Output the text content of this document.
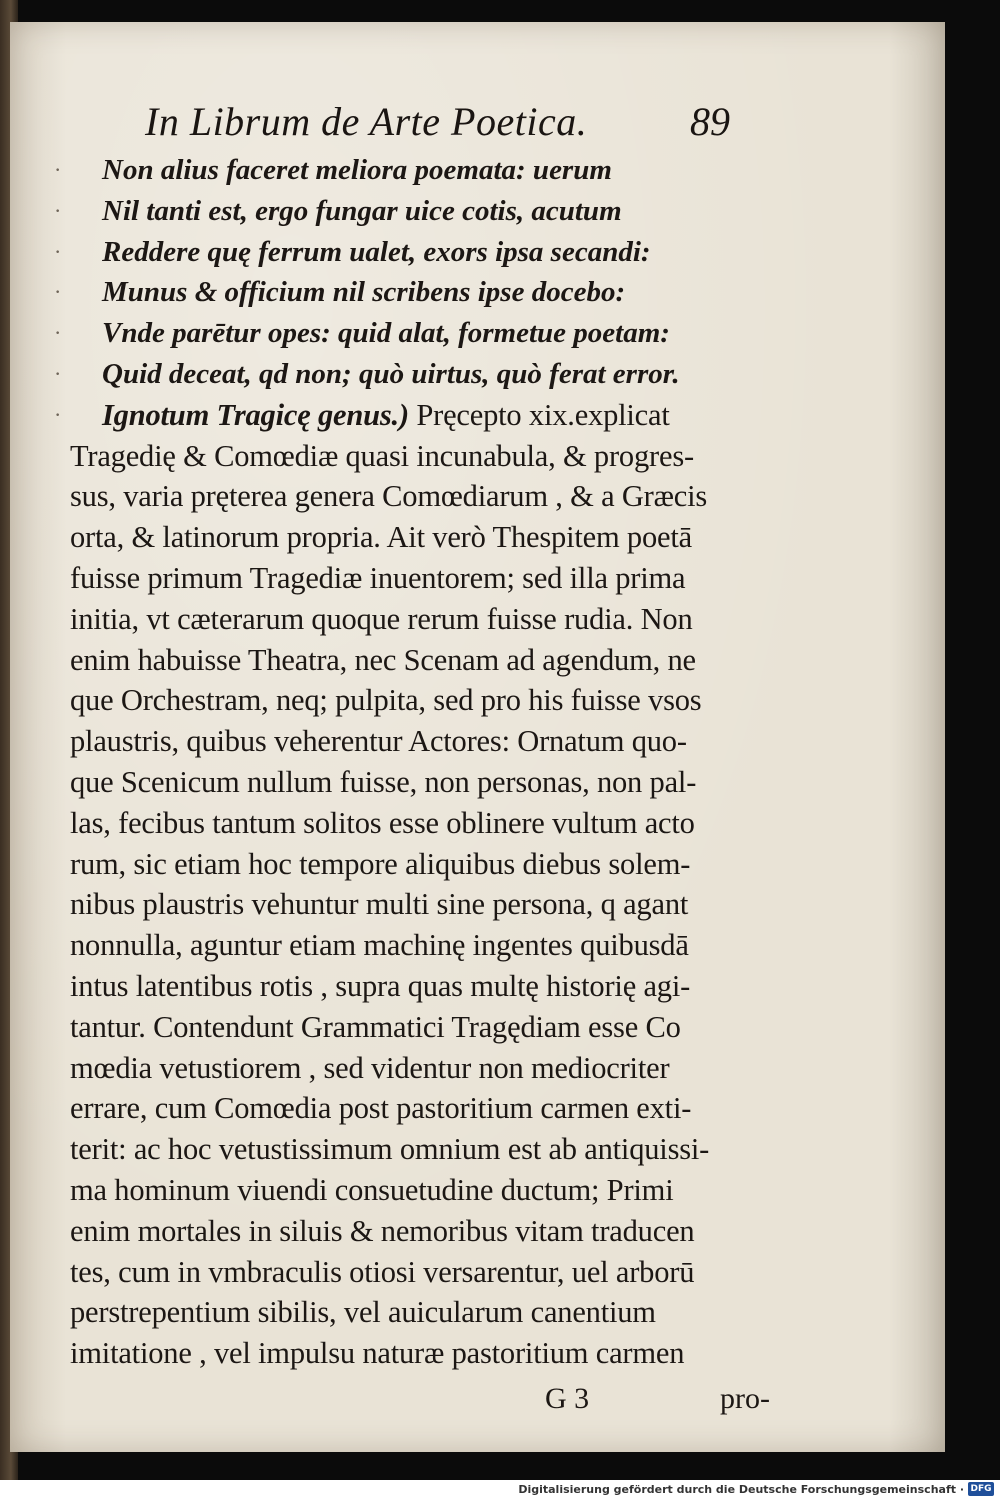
In Librum de Arte Poetica.	89
· Non alius faceret meliora poemata: uerum
· Nil tanti est, ergo fungar uice cotis, acutum
· Reddere quę ferrum ualet, exors ipsa secandi:
· Munus & officium nil scribens ipse docebo:
· Vnde parētur opes: quid alat, formetue poetam:
· Quid deceat, qd non; quò uirtus, quò ferat error.
· Ignotum Tragicę genus.) Pręcepto xix.explicat
Tragedię & Comœdiæ quasi incunabula, & progres-
sus, varia pręterea genera Comœdiarum , & a Græcis
orta, & latinorum propria. Ait verò Thespitem poetā
fuisse primum Tragediæ inuentorem; sed illa prima
initia, vt cæterarum quoque rerum fuisse rudia. Non
enim habuisse Theatra, nec Scenam ad agendum, ne
que Orchestram, neq; pulpita, sed pro his fuisse vsos
plaustris, quibus veherentur Actores: Ornatum quo-
que Scenicum nullum fuisse, non personas, non pal-
las, fecibus tantum solitos esse oblinere vultum acto
rum, sic etiam hoc tempore aliquibus diebus solem-
nibus plaustris vehuntur multi sine persona, q agant
nonnulla, aguntur etiam machinę ingentes quibusdā
intus latentibus rotis , supra quas multę historię agi-
tantur. Contendunt Grammatici Tragędiam esse Co
mœdia vetustiorem , sed videntur non mediocriter
errare, cum Comœdia post pastoritium carmen exti-
terit: ac hoc vetustissimum omnium est ab antiquissi-
ma hominum viuendi consuetudine ductum; Primi
enim mortales in siluis & nemoribus vitam traducen
tes, cum in vmbraculis otiosi versarentur, uel arborū
perstrepentium sibilis, vel auicularum canentium
imitatione , vel impulsu naturæ pastoritium carmen
G 3	pro-
Digitalisierung gefördert durch die Deutsche Forschungsgemeinschaft · DFG
